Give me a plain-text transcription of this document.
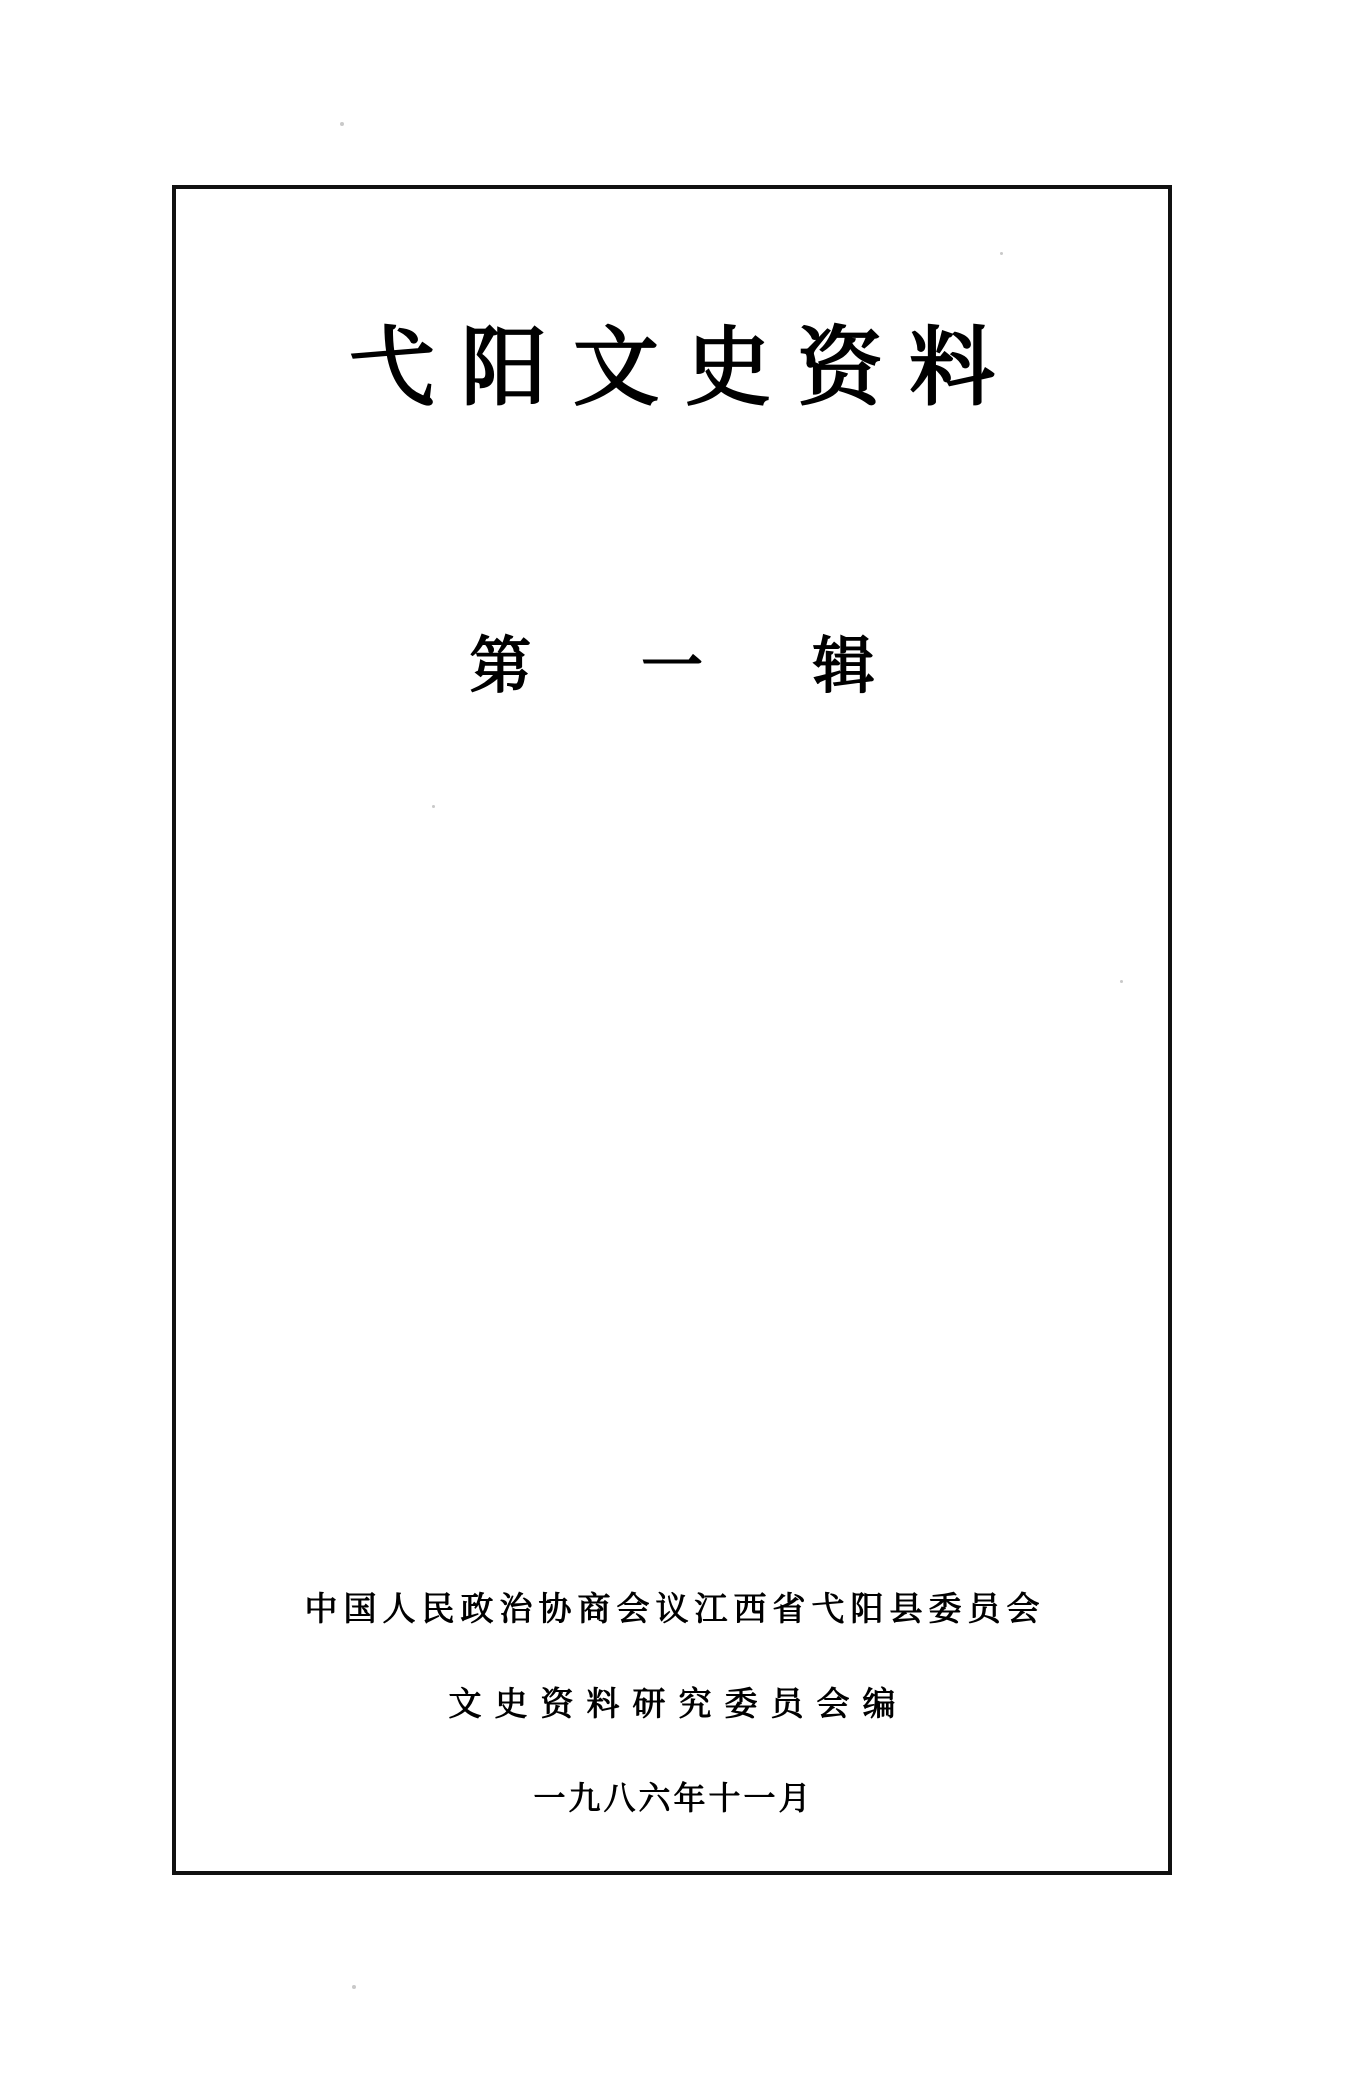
弋阳文史资料
第 一 辑
中国人民政治协商会议江西省弋阳县委员会
文史资料研究委员会编
一九八六年十一月
